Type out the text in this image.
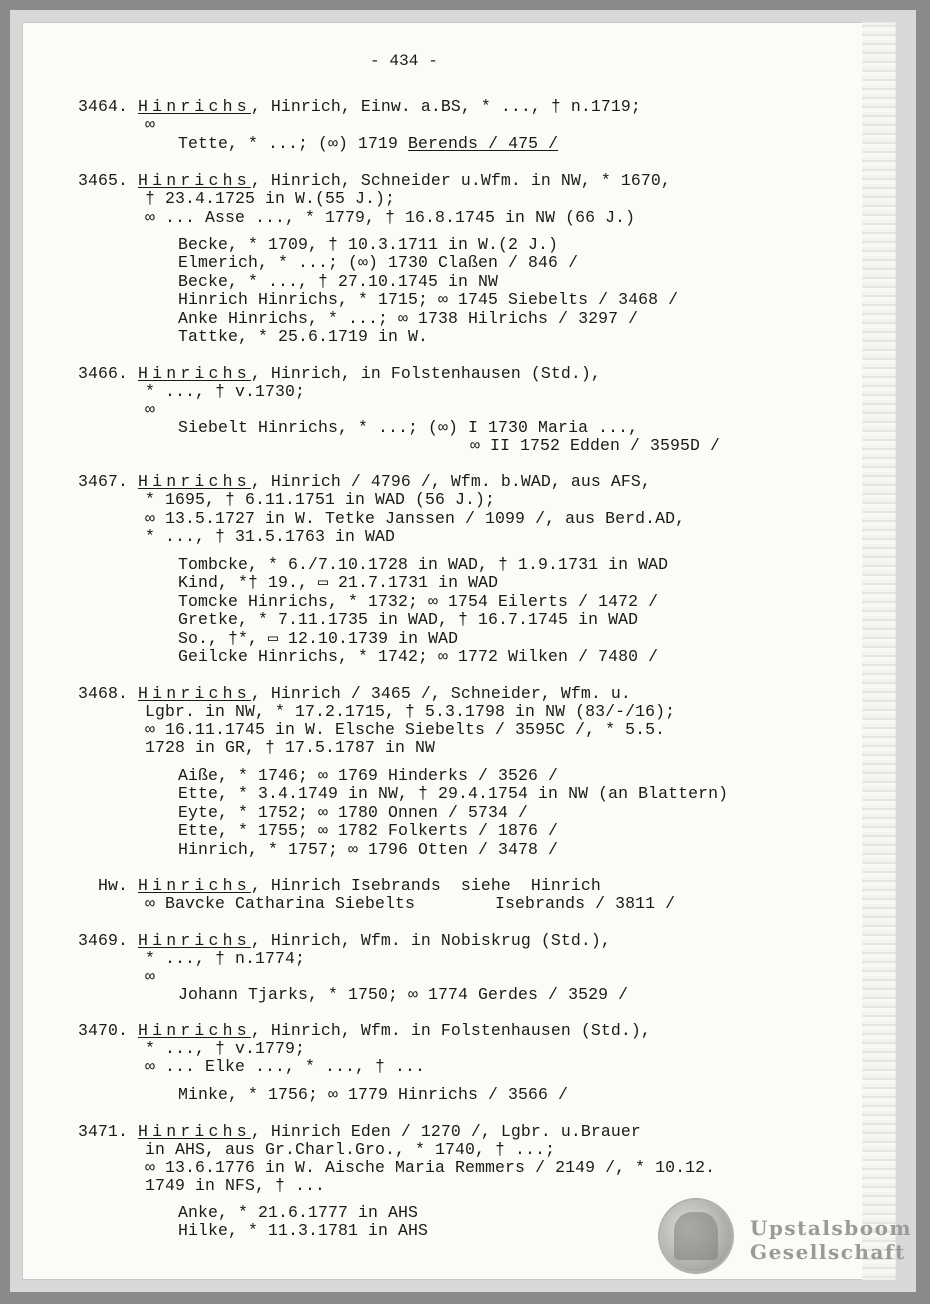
- 434 -
3464. Hinrichs, Hinrich, Einw. a.BS, * ..., † n.1719;
∞
Tette, * ...; (∞) 1719 Berends / 475 /
3465. Hinrichs, Hinrich, Schneider u.Wfm. in NW, * 1670,
† 23.4.1725 in W.(55 J.);
∞ ... Asse ..., * 1779, † 16.8.1745 in NW (66 J.)
Becke, * 1709, † 10.3.1711 in W.(2 J.)
Elmerich, * ...; (∞) 1730 Claßen / 846 /
Becke, * ..., † 27.10.1745 in NW
Hinrich Hinrichs, * 1715; ∞ 1745 Siebelts / 3468 /
Anke Hinrichs, * ...; ∞ 1738 Hilrichs / 3297 /
Tattke, * 25.6.1719 in W.
3466. Hinrichs, Hinrich, in Folstenhausen (Std.),
* ..., † v.1730;
∞
Siebelt Hinrichs, * ...; (∞) I 1730 Maria ...,
∞ II 1752 Edden / 3595D /
3467. Hinrichs, Hinrich / 4796 /, Wfm. b.WAD, aus AFS,
* 1695, † 6.11.1751 in WAD (56 J.);
∞ 13.5.1727 in W. Tetke Janssen / 1099 /, aus Berd.AD,
* ..., † 31.5.1763 in WAD
Tombcke, * 6./7.10.1728 in WAD, † 1.9.1731 in WAD
Kind, *† 19., ▭ 21.7.1731 in WAD
Tomcke Hinrichs, * 1732; ∞ 1754 Eilerts / 1472 /
Gretke, * 7.11.1735 in WAD, † 16.7.1745 in WAD
So., †*, ▭ 12.10.1739 in WAD
Geilcke Hinrichs, * 1742; ∞ 1772 Wilken / 7480 /
3468. Hinrichs, Hinrich / 3465 /, Schneider, Wfm. u.
Lgbr. in NW, * 17.2.1715, † 5.3.1798 in NW (83/-/16);
∞ 16.11.1745 in W. Elsche Siebelts / 3595C /, * 5.5.
1728 in GR, † 17.5.1787 in NW
Aiße, * 1746; ∞ 1769 Hinderks / 3526 /
Ette, * 3.4.1749 in NW, † 29.4.1754 in NW (an Blattern)
Eyte, * 1752; ∞ 1780 Onnen / 5734 /
Ette, * 1755; ∞ 1782 Folkerts / 1876 /
Hinrich, * 1757; ∞ 1796 Otten / 3478 /
Hw. Hinrichs, Hinrich Isebrands  siehe  Hinrich
∞ Bavcke Catharina Siebelts        Isebrands / 3811 /
3469. Hinrichs, Hinrich, Wfm. in Nobiskrug (Std.),
* ..., † n.1774;
∞
Johann Tjarks, * 1750; ∞ 1774 Gerdes / 3529 /
3470. Hinrichs, Hinrich, Wfm. in Folstenhausen (Std.),
* ..., † v.1779;
∞ ... Elke ..., * ..., † ...
Minke, * 1756; ∞ 1779 Hinrichs / 3566 /
3471. Hinrichs, Hinrich Eden / 1270 /, Lgbr. u.Brauer
in AHS, aus Gr.Charl.Gro., * 1740, † ...;
∞ 13.6.1776 in W. Aische Maria Remmers / 2149 /, * 10.12.
1749 in NFS, † ...
Anke, * 21.6.1777 in AHS
Hilke, * 11.3.1781 in AHS	Upstalsboom
Gesellschaft
